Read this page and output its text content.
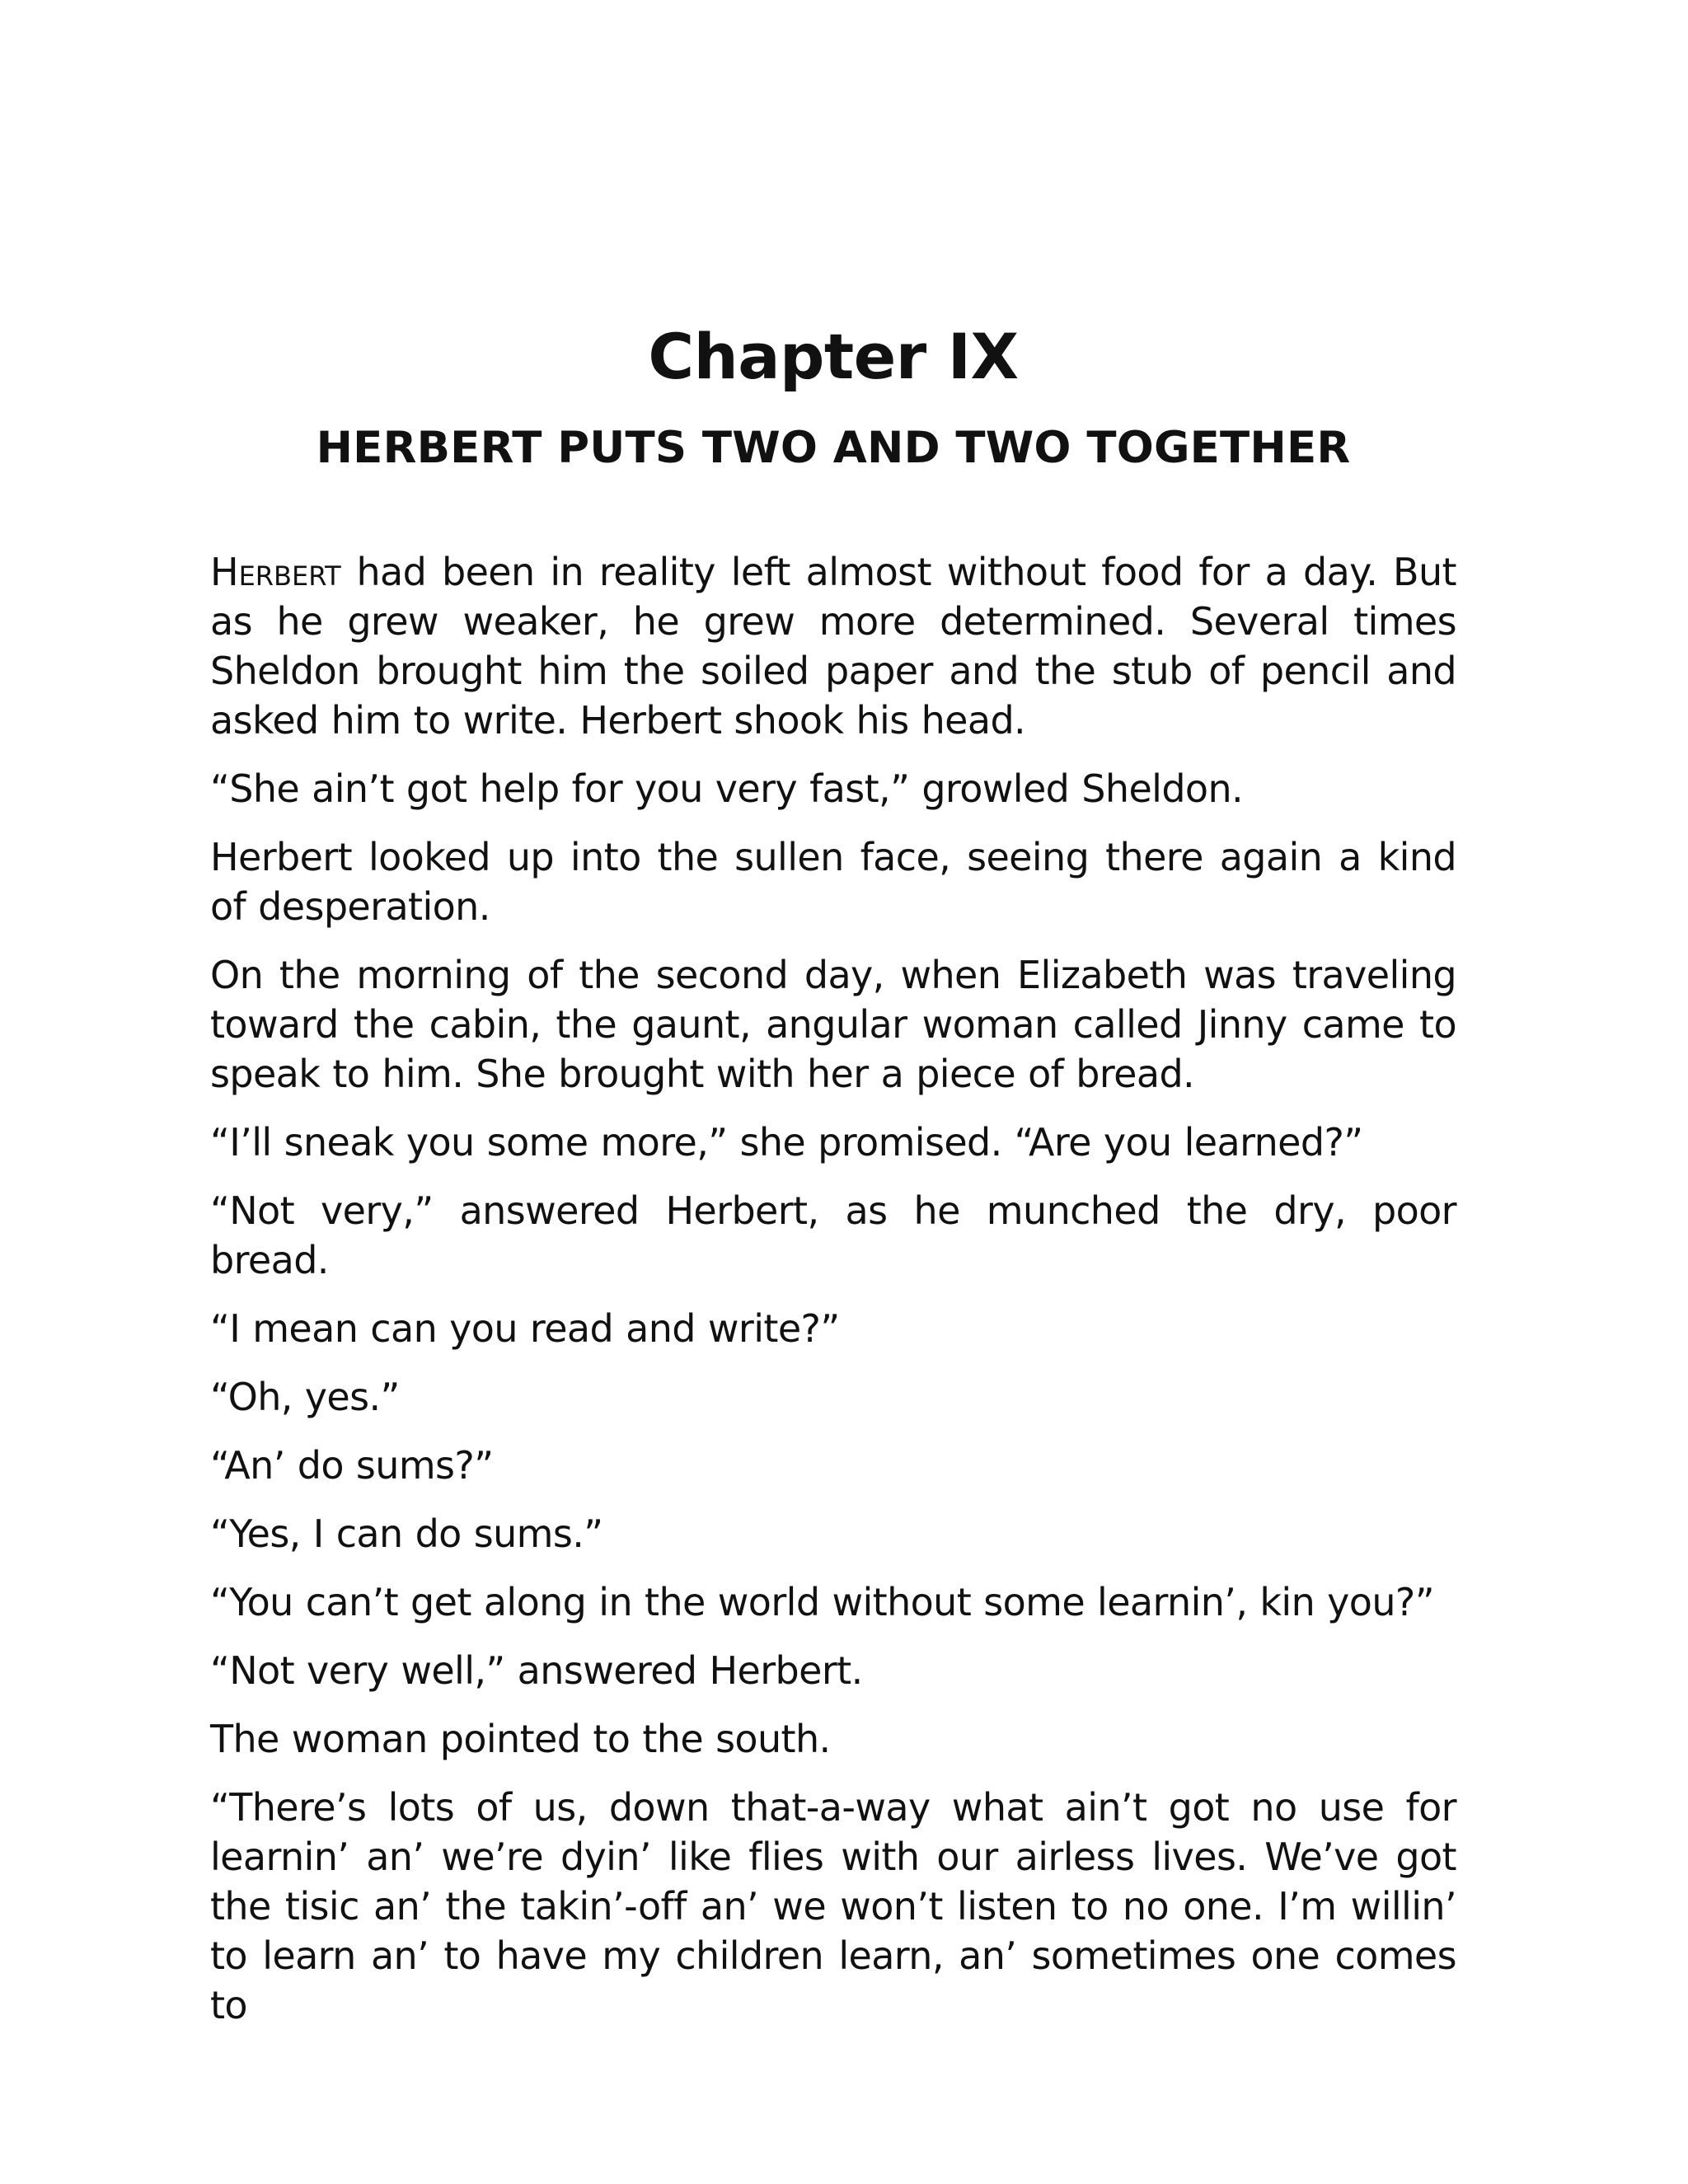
Chapter IX
HERBERT PUTS TWO AND TWO TOGETHER

Herbert had been in reality left almost without food for a day. But as he grew weaker, he grew more determined. Several times Sheldon brought him the soiled paper and the stub of pencil and asked him to write. Herbert shook his head.

“She ain’t got help for you very fast,” growled Sheldon.

Herbert looked up into the sullen face, seeing there again a kind of desperation.

On the morning of the second day, when Elizabeth was traveling toward the cabin, the gaunt, angular woman called Jinny came to speak to him. She brought with her a piece of bread.

“I’ll sneak you some more,” she promised. “Are you learned?”

“Not very,” answered Herbert, as he munched the dry, poor bread.

“I mean can you read and write?”

“Oh, yes.”

“An’ do sums?”

“Yes, I can do sums.”

“You can’t get along in the world without some learnin’, kin you?”

“Not very well,” answered Herbert.

The woman pointed to the south.

“There’s lots of us, down that-a-way what ain’t got no use for learnin’ an’ we’re dyin’ like flies with our airless lives. We’ve got the tisic an’ the takin’-off an’ we won’t listen to no one. I’m willin’ to learn an’ to have my children learn, an’ sometimes one comes to
